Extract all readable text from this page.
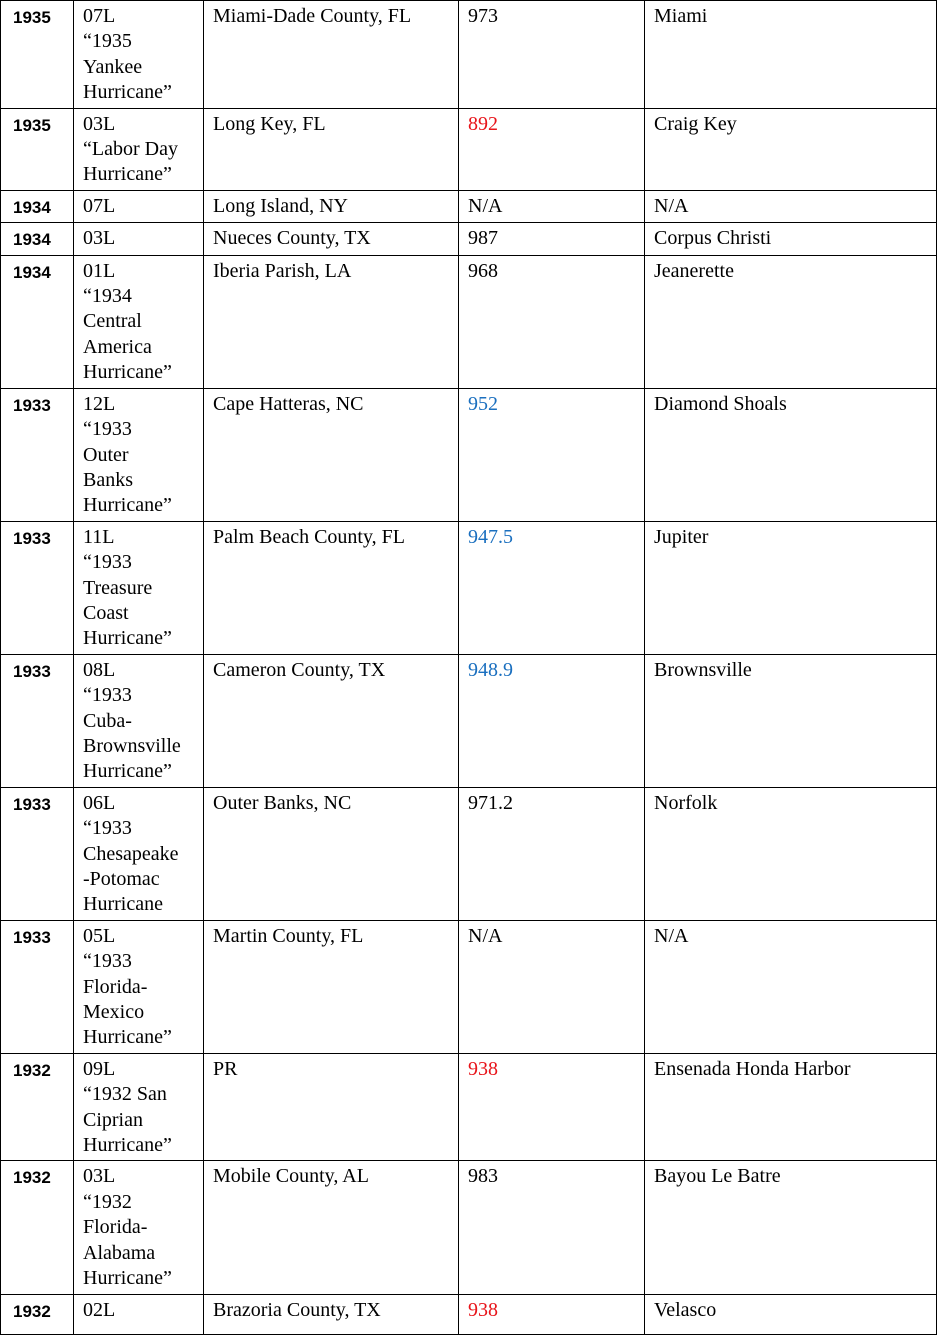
1935	07L
“1935
Yankee
Hurricane”	Miami-Dade County, FL	973	Miami
1935	03L
“Labor Day
Hurricane”	Long Key, FL	892	Craig Key
1934	07L	Long Island, NY	N/A	N/A
1934	03L	Nueces County, TX	987	Corpus Christi
1934	01L
“1934
Central
America
Hurricane”	Iberia Parish, LA	968	Jeanerette
1933	12L
“1933
Outer
Banks
Hurricane”	Cape Hatteras, NC	952	Diamond Shoals
1933	11L
“1933
Treasure
Coast
Hurricane”	Palm Beach County, FL	947.5	Jupiter
1933	08L
“1933
Cuba-
Brownsville
Hurricane”	Cameron County, TX	948.9	Brownsville
1933	06L
“1933
Chesapeake
-Potomac
Hurricane	Outer Banks, NC	971.2	Norfolk
1933	05L
“1933
Florida-
Mexico
Hurricane”	Martin County, FL	N/A	N/A
1932	09L
“1932 San
Ciprian
Hurricane”	PR	938	Ensenada Honda Harbor
1932	03L
“1932
Florida-
Alabama
Hurricane”	Mobile County, AL	983	Bayou Le Batre
1932	02L	Brazoria County, TX	938	Velasco
